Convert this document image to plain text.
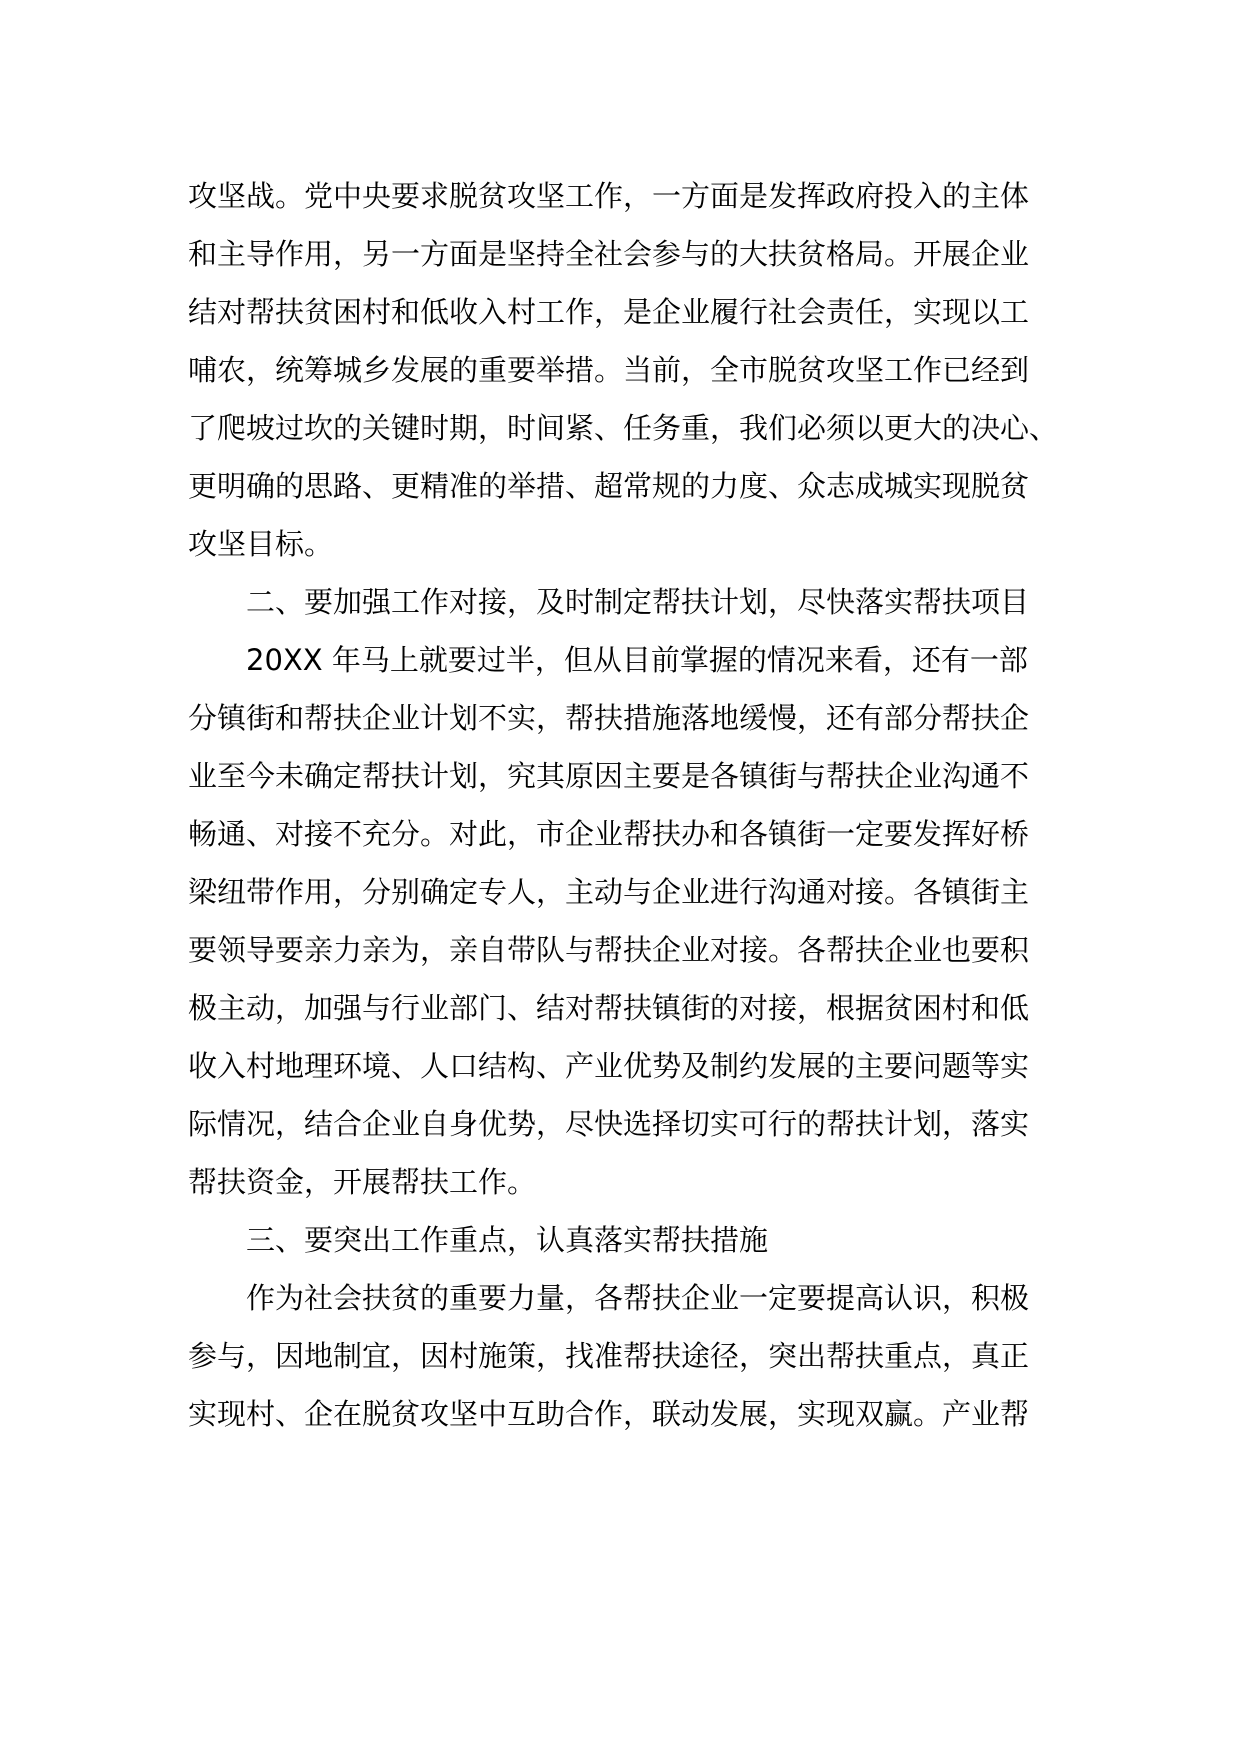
攻坚战。党中央要求脱贫攻坚工作，一方面是发挥政府投入的主体
和主导作用，另一方面是坚持全社会参与的大扶贫格局。开展企业
结对帮扶贫困村和低收入村工作，是企业履行社会责任，实现以工
哺农，统筹城乡发展的重要举措。当前，全市脱贫攻坚工作已经到
了爬坡过坎的关键时期，时间紧、任务重，我们必须以更大的决心、
更明确的思路、更精准的举措、超常规的力度、众志成城实现脱贫
攻坚目标。
二、要加强工作对接，及时制定帮扶计划，尽快落实帮扶项目
20XX 年马上就要过半，但从目前掌握的情况来看，还有一部
分镇街和帮扶企业计划不实，帮扶措施落地缓慢，还有部分帮扶企
业至今未确定帮扶计划，究其原因主要是各镇街与帮扶企业沟通不
畅通、对接不充分。对此，市企业帮扶办和各镇街一定要发挥好桥
梁纽带作用，分别确定专人，主动与企业进行沟通对接。各镇街主
要领导要亲力亲为，亲自带队与帮扶企业对接。各帮扶企业也要积
极主动，加强与行业部门、结对帮扶镇街的对接，根据贫困村和低
收入村地理环境、人口结构、产业优势及制约发展的主要问题等实
际情况，结合企业自身优势，尽快选择切实可行的帮扶计划，落实
帮扶资金，开展帮扶工作。
三、要突出工作重点，认真落实帮扶措施
作为社会扶贫的重要力量，各帮扶企业一定要提高认识，积极
参与，因地制宜，因村施策，找准帮扶途径，突出帮扶重点，真正
实现村、企在脱贫攻坚中互助合作，联动发展，实现双赢。产业帮
